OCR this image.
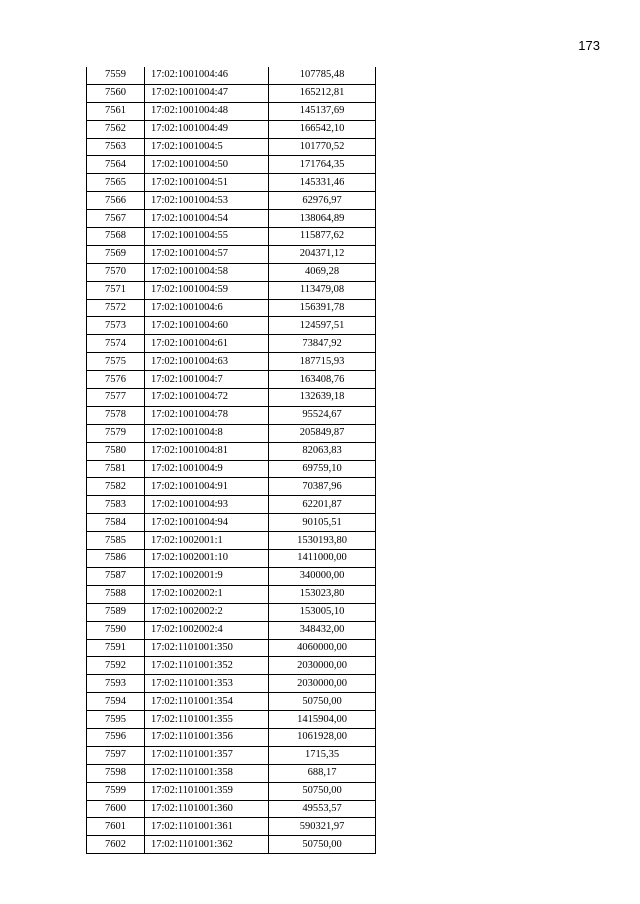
173
7559	17:02:1001004:46	107785,48
7560	17:02:1001004:47	165212,81
7561	17:02:1001004:48	145137,69
7562	17:02:1001004:49	166542,10
7563	17:02:1001004:5	101770,52
7564	17:02:1001004:50	171764,35
7565	17:02:1001004:51	145331,46
7566	17:02:1001004:53	62976,97
7567	17:02:1001004:54	138064,89
7568	17:02:1001004:55	115877,62
7569	17:02:1001004:57	204371,12
7570	17:02:1001004:58	4069,28
7571	17:02:1001004:59	113479,08
7572	17:02:1001004:6	156391,78
7573	17:02:1001004:60	124597,51
7574	17:02:1001004:61	73847,92
7575	17:02:1001004:63	187715,93
7576	17:02:1001004:7	163408,76
7577	17:02:1001004:72	132639,18
7578	17:02:1001004:78	95524,67
7579	17:02:1001004:8	205849,87
7580	17:02:1001004:81	82063,83
7581	17:02:1001004:9	69759,10
7582	17:02:1001004:91	70387,96
7583	17:02:1001004:93	62201,87
7584	17:02:1001004:94	90105,51
7585	17:02:1002001:1	1530193,80
7586	17:02:1002001:10	1411000,00
7587	17:02:1002001:9	340000,00
7588	17:02:1002002:1	153023,80
7589	17:02:1002002:2	153005,10
7590	17:02:1002002:4	348432,00
7591	17:02:1101001:350	4060000,00
7592	17:02:1101001:352	2030000,00
7593	17:02:1101001:353	2030000,00
7594	17:02:1101001:354	50750,00
7595	17:02:1101001:355	1415904,00
7596	17:02:1101001:356	1061928,00
7597	17:02:1101001:357	1715,35
7598	17:02:1101001:358	688,17
7599	17:02:1101001:359	50750,00
7600	17:02:1101001:360	49553,57
7601	17:02:1101001:361	590321,97
7602	17:02:1101001:362	50750,00
